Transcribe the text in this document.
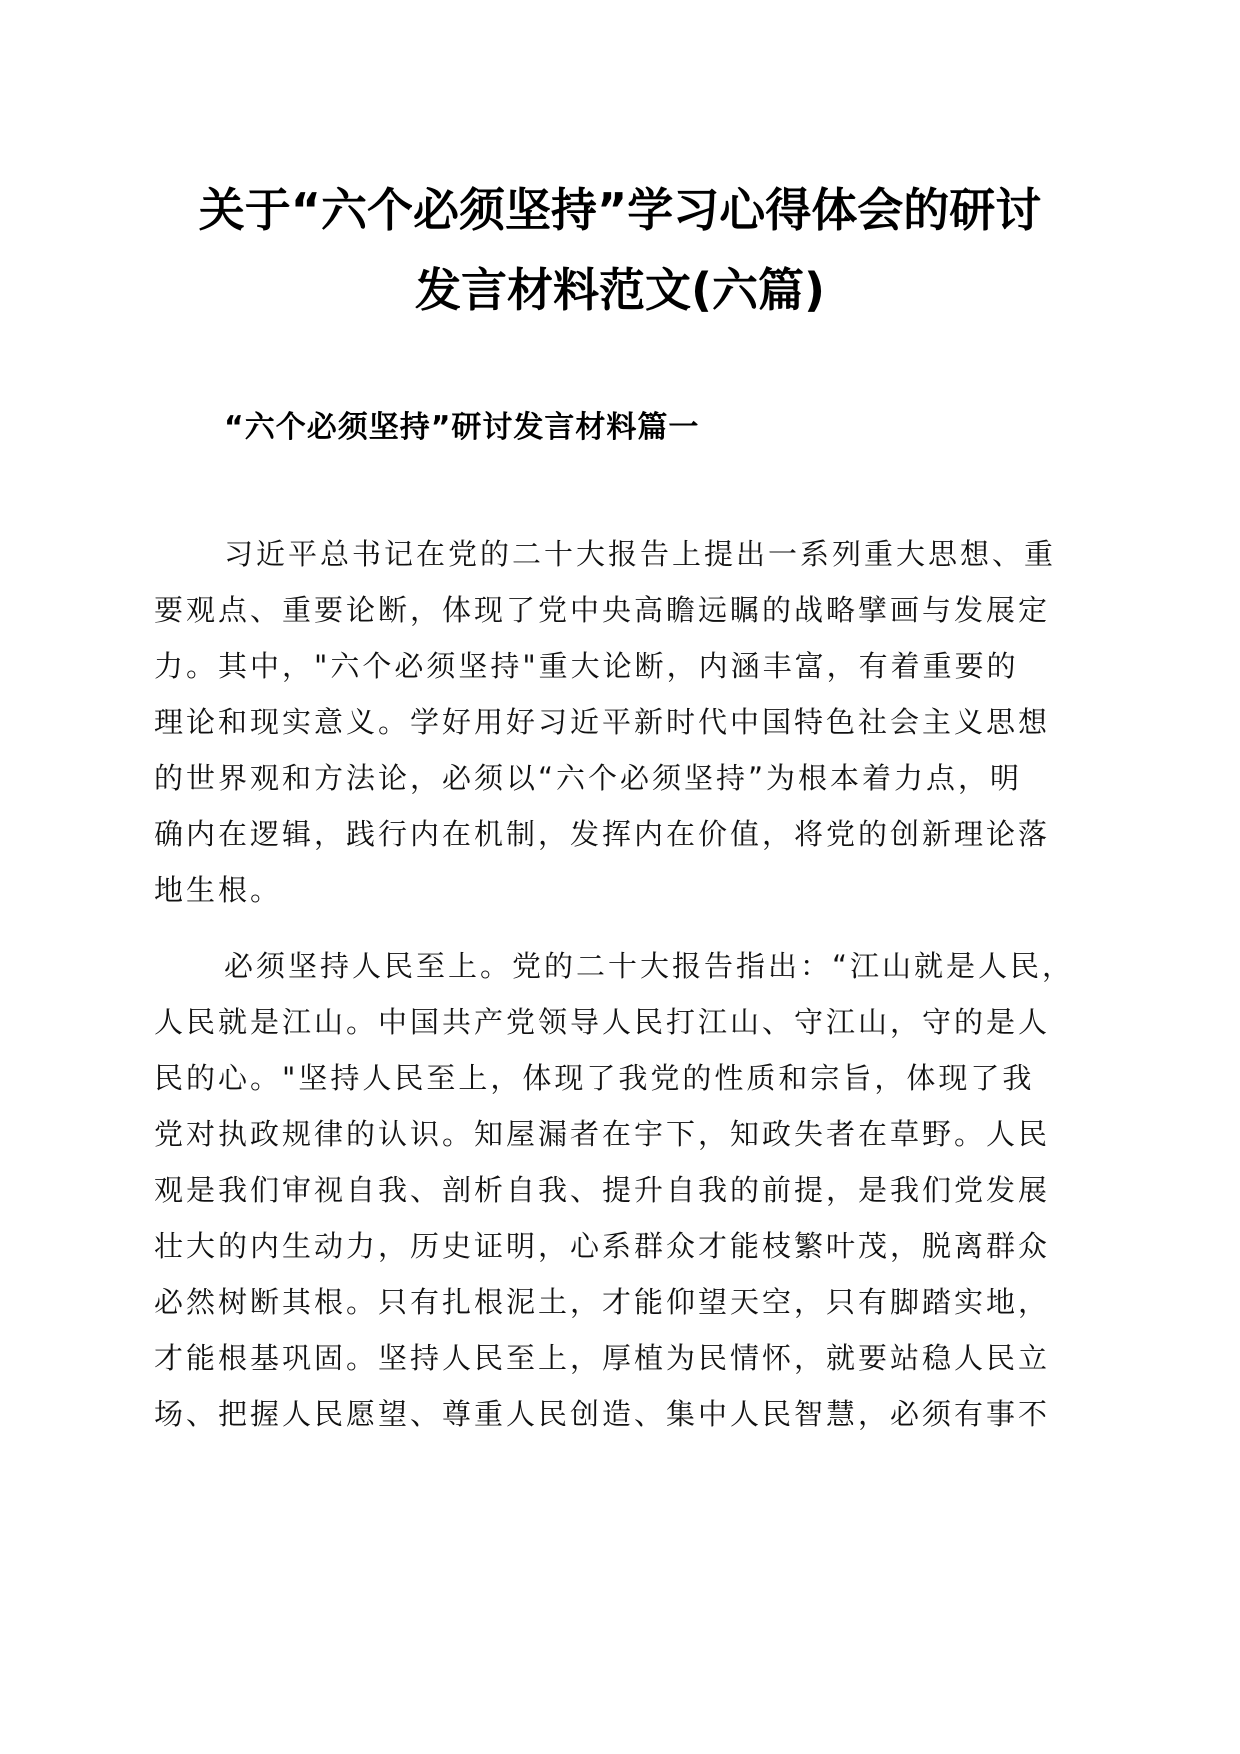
关于“六个必须坚持”学习心得体会的研讨
发言材料范文(六篇)
“六个必须坚持”研讨发言材料篇一
习近平总书记在党的二十大报告上提出一系列重大思想、重
要观点、重要论断，体现了党中央高瞻远瞩的战略擘画与发展定
力。其中，"六个必须坚持"重大论断，内涵丰富，有着重要的
理论和现实意义。学好用好习近平新时代中国特色社会主义思想
的世界观和方法论，必须以“六个必须坚持”为根本着力点，明
确内在逻辑，践行内在机制，发挥内在价值，将党的创新理论落
地生根。
必须坚持人民至上。党的二十大报告指出：“江山就是人民，
人民就是江山。中国共产党领导人民打江山、守江山，守的是人
民的心。"坚持人民至上，体现了我党的性质和宗旨，体现了我
党对执政规律的认识。知屋漏者在宇下，知政失者在草野。人民
观是我们审视自我、剖析自我、提升自我的前提，是我们党发展
壮大的内生动力，历史证明，心系群众才能枝繁叶茂，脱离群众
必然树断其根。只有扎根泥土，才能仰望天空，只有脚踏实地，
才能根基巩固。坚持人民至上，厚植为民情怀，就要站稳人民立
场、把握人民愿望、尊重人民创造、集中人民智慧，必须有事不
